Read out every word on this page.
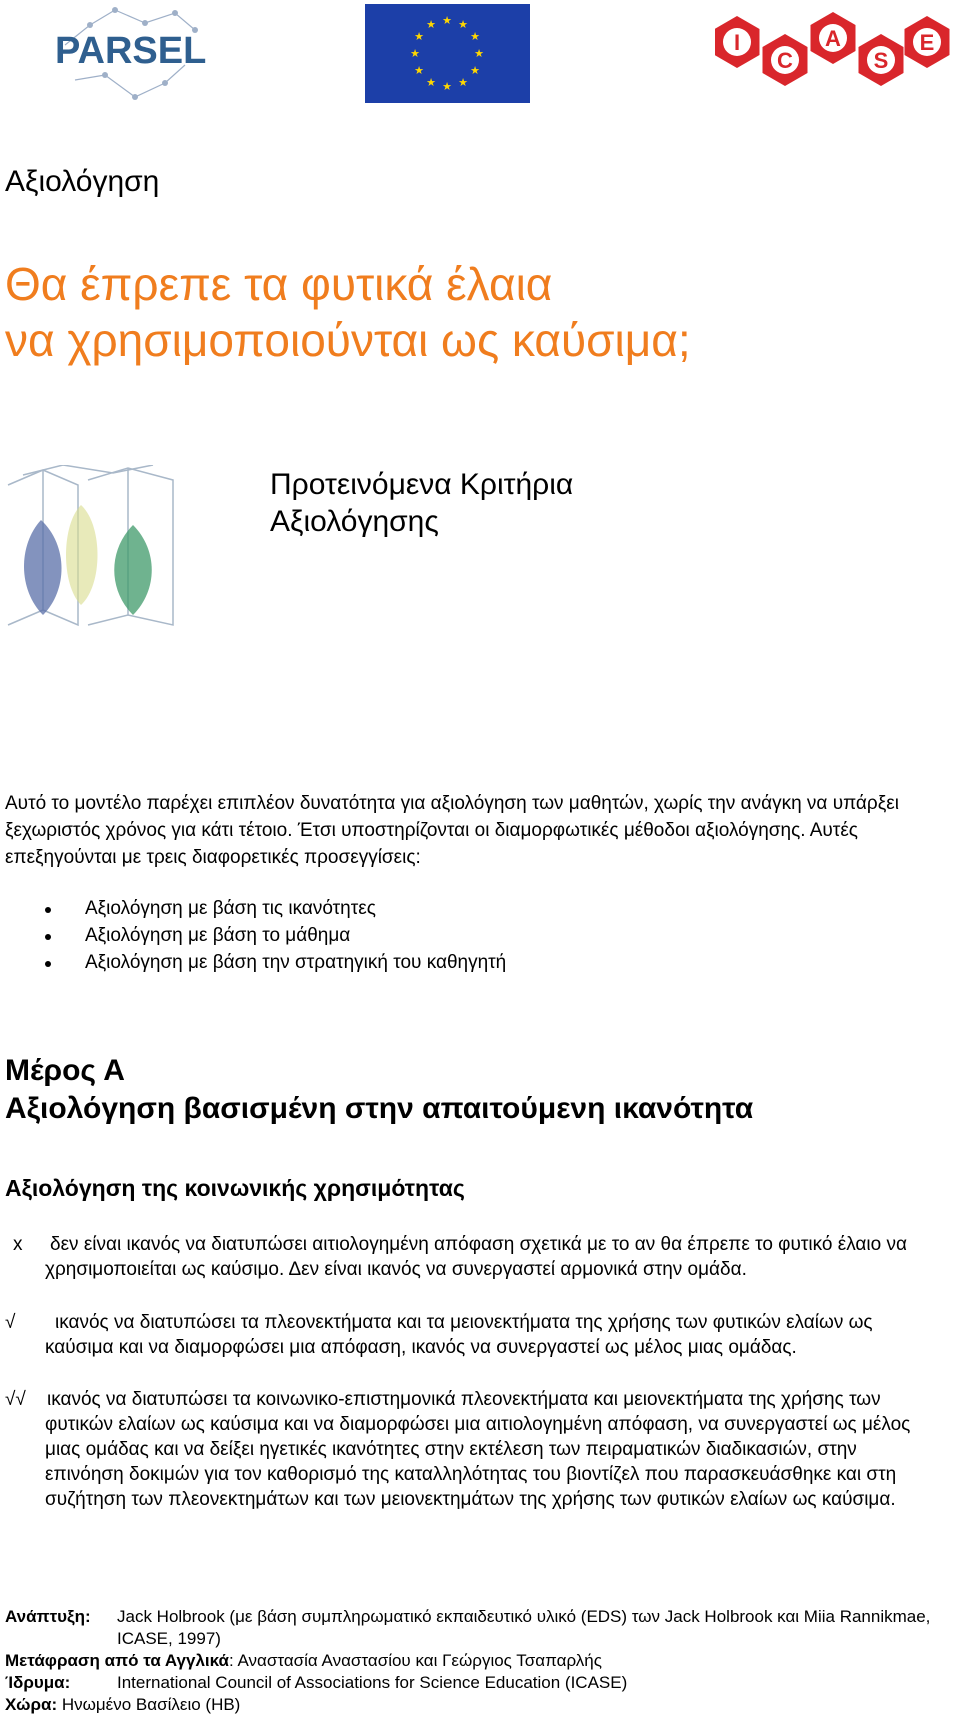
PARSEL
★ ★
★
★
★
★
★
★
★
★
★
★
I
C
A
S
E
Αξιολόγηση
Θα έπρεπε τα φυτικά έλαια
να χρησιμοποιούνται ως καύσιμα;
Προτεινόμενα Κριτήρια
Αξιολόγησης
Αυτό το μοντέλο παρέχει επιπλέον δυνατότητα για αξιολόγηση των μαθητών, χωρίς την ανάγκη να υπάρξει ξεχωριστός χρόνος για κάτι τέτοιο. Έτσι υποστηρίζονται οι διαμορφωτικές μέθοδοι αξιολόγησης. Αυτές επεξηγούνται με τρεις διαφορετικές προσεγγίσεις:
Αξιολόγηση με βάση τις ικανότητες
Αξιολόγηση με βάση το μάθημα
Αξιολόγηση με βάση την στρατηγική του καθηγητή
Μέρος Α
Αξιολόγηση βασισμένη στην απαιτούμενη ικανότητα
Αξιολόγηση της κοινωνικής χρησιμότητας
x δεν είναι ικανός να διατυπώσει αιτιολογημένη απόφαση σχετικά με το αν θα έπρεπε το φυτικό έλαιο να χρησιμοποιείται ως καύσιμο. Δεν είναι ικανός να συνεργαστεί αρμονικά στην ομάδα.
√	ικανός να διατυπώσει τα πλεονεκτήματα και τα μειονεκτήματα της χρήσης των φυτικών ελαίων ως καύσιμα και να διαμορφώσει μια απόφαση, ικανός να συνεργαστεί ως μέλος μιας ομάδας.
√√ ικανός να διατυπώσει τα κοινωνικο-επιστημονικά πλεονεκτήματα και μειονεκτήματα της χρήσης των φυτικών ελαίων ως καύσιμα και να διαμορφώσει μια αιτιολογημένη απόφαση, να συνεργαστεί ως μέλος μιας ομάδας και να δείξει ηγετικές ικανότητες στην εκτέλεση των πειραματικών διαδικασιών, στην επινόηση δοκιμών για τον καθορισμό της καταλληλότητας του βιοντίζελ που παρασκευάσθηκε και στη συζήτηση των πλεονεκτημάτων και των μειονεκτημάτων της χρήσης των φυτικών ελαίων ως καύσιμα.
Ανάπτυξη: Jack Holbrook (με βάση συμπληρωματικό εκπαιδευτικό υλικό (EDS) των Jack Holbrook και Miia Rannikmae, ICASE, 1997)
Μετάφραση από τα Αγγλικά: Αναστασία Αναστασίου και Γεώργιος Τσαπαρλής
Ίδρυμα:	International Council of Associations for Science Education (ICASE)
Χώρα: Ηνωμένο Βασίλειο (ΗΒ)
